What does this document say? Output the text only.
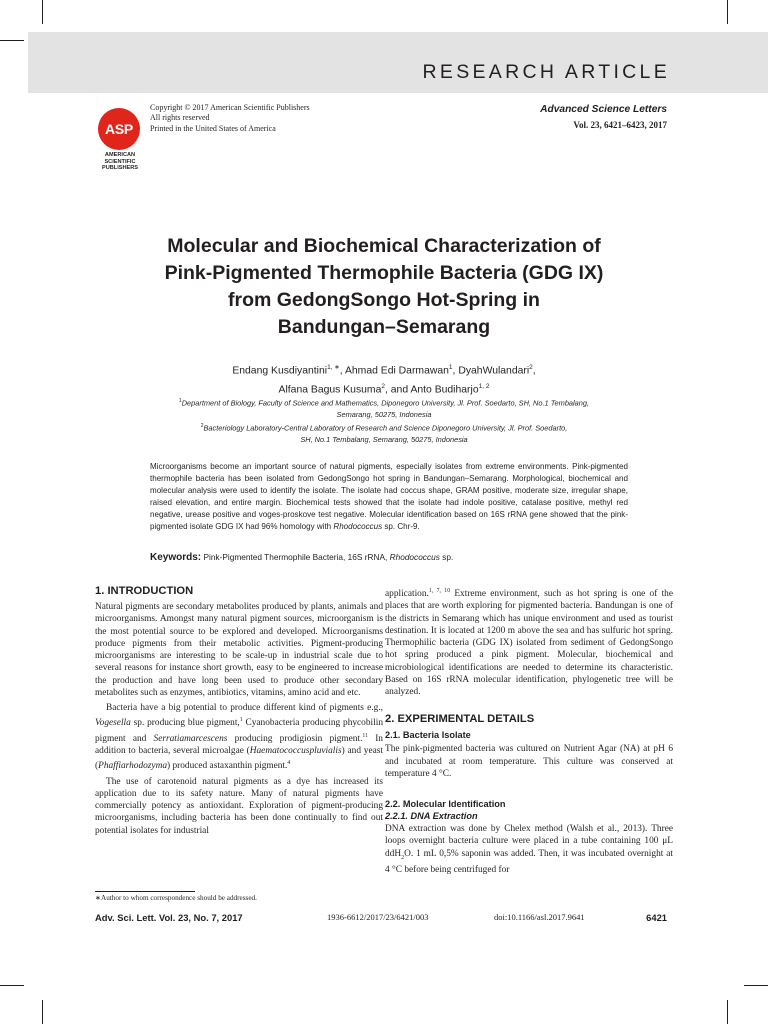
RESEARCH ARTICLE
ASP
AMERICAN
SCIENTIFIC
PUBLISHERS
Copyright © 2017 American Scientific Publishers
All rights reserved
Printed in the United States of America
Advanced Science Letters
Vol. 23, 6421–6423, 2017
Molecular and Biochemical Characterization of
Pink-Pigmented Thermophile Bacteria (GDG IX)
from GedongSongo Hot-Spring in
Bandungan–Semarang
Endang Kusdiyantini$^{1, ∗}$, Ahmad Edi Darmawan$^1$, DyahWulandari$^2$,
Alfana Bagus Kusuma$^2$, and Anto Budiharjo$^{1, 2}$
$^1$Department of Biology, Faculty of Science and Mathematics, Diponegoro University, Jl. Prof. Soedarto, SH, No.1 Tembalang,
Semarang, 50275, Indonesia
$^2$Bacteriology Laboratory-Central Laboratory of Research and Science Diponegoro University, Jl. Prof. Soedarto,
SH, No.1 Tembalang, Semarang, 50275, Indonesia
Microorganisms become an important source of natural pigments, especially isolates from extreme environments. Pink-pigmented thermophile bacteria has been isolated from GedongSongo hot spring in Bandungan–Semarang. Morphological, biochemical and molecular analysis were used to identify the isolate. The isolate had coccus shape, GRAM positive, moderate size, irregular shape, raised elevation, and entire margin. Biochemical tests showed that the isolate had indole positive, catalase positive, methyl red negative, urease positive and voges-proskove test negative. Molecular identification based on 16S rRNA gene showed that the pink-pigmented isolate GDG IX had 96% homology with Rhodococcus sp. Chr-9.
Keywords: Pink-Pigmented Thermophile Bacteria, 16S rRNA, Rhodococcus sp.
1. INTRODUCTION

Natural pigments are secondary metabolites produced by plants, animals and microorganisms. Amongst many natural pigment sources, microorganism is the most potential source to be explored and developed. Microorganisms produce pigments from their metabolic activities. Pigment-producing microorganisms are interesting to be scale-up in industrial scale due to several reasons for instance short growth, easy to be engineered to increase the production and have long been used to produce other secondary metabolites such as enzymes, antibiotics, vitamins, amino acid and etc.

Bacteria have a big potential to produce different kind of pigments e.g., Vogesella sp. producing blue pigment,$^1$ Cyanobacteria producing phycobilin pigment and Serratiamarcescens producing prodigiosin pigment.$^{11}$ In addition to bacteria, several microalgae (Haematococcuspluvialis) and yeast (Phaffiarhodozyma) produced astaxanthin pigment.$^4$

The use of carotenoid natural pigments as a dye has increased its application due to its safety nature. Many of natural pigments have commercially potency as antioxidant. Exploration of pigment-producing microorganisms, including bacteria has been done continually to find out potential isolates for industrial

application.$^{1, 7, 10}$ Extreme environment, such as hot spring is one of the places that are worth exploring for pigmented bacteria. Bandungan is one of the districts in Semarang which has unique environment and used as tourist destination. It is located at 1200 m above the sea and has sulfuric hot spring. Thermophilic bacteria (GDG IX) isolated from sediment of GedongSongo hot spring produced a pink pigment. Molecular, biochemical and microbiological identifications are needed to determine its characteristic. Based on 16S rRNA molecular identification, phylogenetic tree will be analyzed.

2. EXPERIMENTAL DETAILS
2.1. Bacteria Isolate

The pink-pigmented bacteria was cultured on Nutrient Agar (NA) at pH 6 and incubated at room temperature. This culture was conserved at temperature 4 °C.

2.2. Molecular Identification
2.2.1. DNA Extraction

DNA extraction was done by Chelex method (Walsh et al., 2013). Three loops overnight bacteria culture were placed in a tube containing 100 μL ddH$_2$O. 1 mL 0,5% saponin was added. Then, it was incubated overnight at 4 °C before being centrifuged for

∗Author to whom correspondence should be addressed.
Adv. Sci. Lett. Vol. 23, No. 7, 2017	1936-6612/2017/23/6421/003	doi:10.1166/asl.2017.9641	6421
